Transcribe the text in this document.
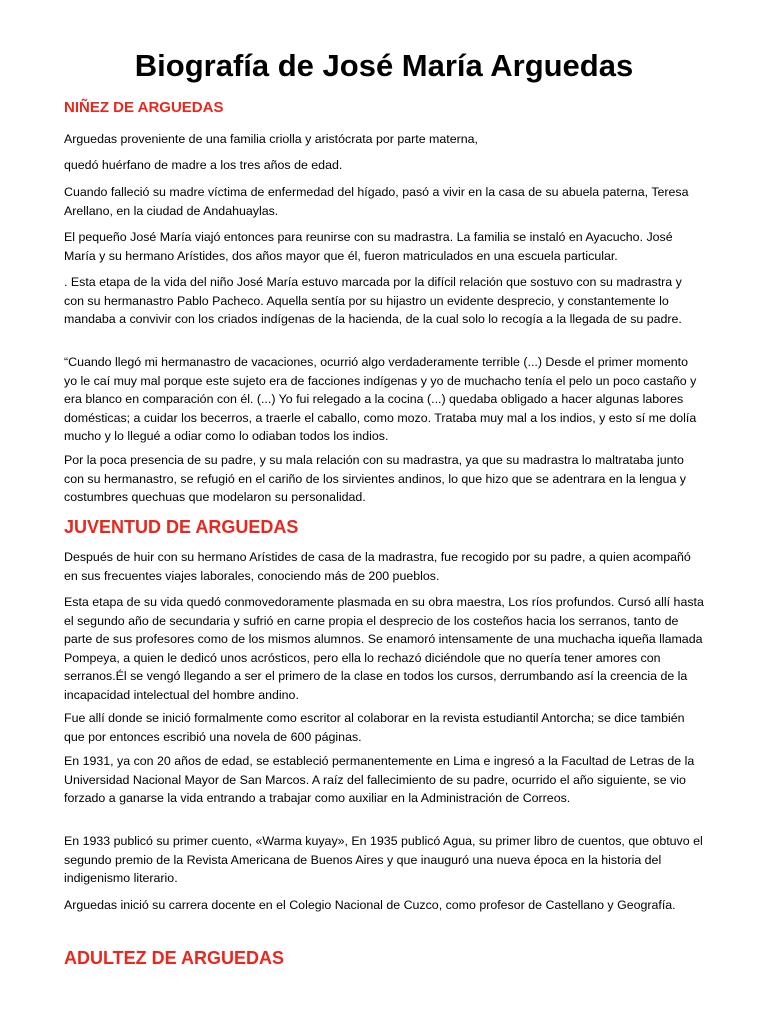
Biografía de José María Arguedas
NIÑEZ DE ARGUEDAS

Arguedas proveniente de una familia criolla y aristócrata por parte materna,

quedó huérfano de madre a los tres años de edad.

Cuando falleció su madre víctima de enfermedad del hígado, pasó a vivir en la casa de su abuela paterna, Teresa Arellano, en la ciudad de Andahuaylas.

El pequeño José María viajó entonces para reunirse con su madrastra. La familia se instaló en Ayacucho. José María y su hermano Arístides, dos años mayor que él, fueron matriculados en una escuela particular.

. Esta etapa de la vida del niño José María estuvo marcada por la difícil relación que sostuvo con su madrastra y con su hermanastro Pablo Pacheco. Aquella sentía por su hijastro un evidente desprecio, y constantemente lo mandaba a convivir con los criados indígenas de la hacienda, de la cual solo lo recogía a la llegada de su padre.

“Cuando llegó mi hermanastro de vacaciones, ocurrió algo verdaderamente terrible (...) Desde el primer momento yo le caí muy mal porque este sujeto era de facciones indígenas y yo de muchacho tenía el pelo un poco castaño y era blanco en comparación con él. (...) Yo fui relegado a la cocina (...) quedaba obligado a hacer algunas labores domésticas; a cuidar los becerros, a traerle el caballo, como mozo. Trataba muy mal a los indios, y esto sí me dolía mucho y lo llegué a odiar como lo odiaban todos los indios.

Por la poca presencia de su padre, y su mala relación con su madrastra, ya que su madrastra lo maltrataba junto con su hermanastro, se refugió en el cariño de los sirvientes andinos, lo que hizo que se adentrara en la lengua y costumbres quechuas que modelaron su personalidad.

JUVENTUD DE ARGUEDAS

Después de huir con su hermano Arístides de casa de la madrastra, fue recogido por su padre, a quien acompañó en sus frecuentes viajes laborales, conociendo más de 200 pueblos.

Esta etapa de su vida quedó conmovedoramente plasmada en su obra maestra, Los ríos profundos. Cursó allí hasta el segundo año de secundaria y sufrió en carne propia el desprecio de los costeños hacia los serranos, tanto de parte de sus profesores como de los mismos alumnos. Se enamoró intensamente de una muchacha iqueña llamada Pompeya, a quien le dedicó unos acrósticos, pero ella lo rechazó diciéndole que no quería tener amores con serranos.Él se vengó llegando a ser el primero de la clase en todos los cursos, derrumbando así la creencia de la incapacidad intelectual del hombre andino.

Fue allí donde se inició formalmente como escritor al colaborar en la revista estudiantil Antorcha; se dice también que por entonces escribió una novela de 600 páginas.

En 1931, ya con 20 años de edad, se estableció permanentemente en Lima e ingresó a la Facultad de Letras de la Universidad Nacional Mayor de San Marcos. A raíz del fallecimiento de su padre, ocurrido el año siguiente, se vio forzado a ganarse la vida entrando a trabajar como auxiliar en la Administración de Correos.

En 1933 publicó su primer cuento, «Warma kuyay», En 1935 publicó Agua, su primer libro de cuentos, que obtuvo el segundo premio de la Revista Americana de Buenos Aires y que inauguró una nueva época en la historia del indigenismo literario.

Arguedas inició su carrera docente en el Colegio Nacional de Cuzco, como profesor de Castellano y Geografía.

ADULTEZ DE ARGUEDAS
